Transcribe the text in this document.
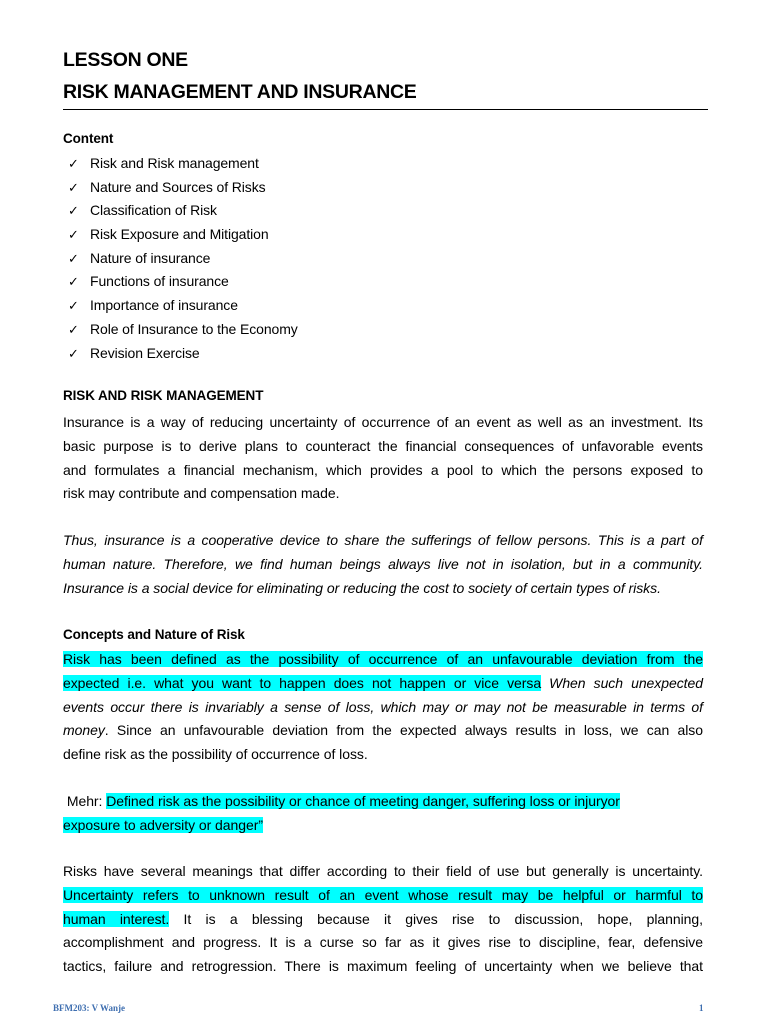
LESSON ONE
RISK MANAGEMENT AND INSURANCE
Content
✓ Risk and Risk management
✓ Nature and Sources of Risks
✓ Classification of Risk
✓ Risk Exposure and Mitigation
✓ Nature of insurance
✓ Functions of insurance
✓ Importance of insurance
✓ Role of Insurance to the Economy
✓ Revision Exercise
RISK AND RISK MANAGEMENT
Insurance is a way of reducing uncertainty of occurrence of an event as well as an investment. Its
basic purpose is to derive plans to counteract the financial consequences of unfavorable events
and formulates a financial mechanism, which provides a pool to which the persons exposed to
risk may contribute and compensation made.
Thus, insurance is a cooperative device to share the sufferings of fellow persons. This is a part of
human nature. Therefore, we find human beings always live not in isolation, but in a community.
Insurance is a social device for eliminating or reducing the cost to society of certain types of risks.
Concepts and Nature of Risk
Risk has been defined as the possibility of occurrence of an unfavourable deviation from the
expected i.e. what you want to happen does not happen or vice versa When such unexpected
events occur there is invariably a sense of loss, which may or may not be measurable in terms of
money. Since an unfavourable deviation from the expected always results in loss, we can also
define risk as the possibility of occurrence of loss.
Mehr: Defined risk as the possibility or chance of meeting danger, suffering loss or injuryor
exposure to adversity or danger”
Risks have several meanings that differ according to their field of use but generally is uncertainty.
Uncertainty refers to unknown result of an event whose result may be helpful or harmful to
human interest. It is a blessing because it gives rise to discussion, hope, planning,
accomplishment and progress. It is a curse so far as it gives rise to discipline, fear, defensive
tactics, failure and retrogression. There is maximum feeling of uncertainty when we believe that
BFM203: V Wanje	1
